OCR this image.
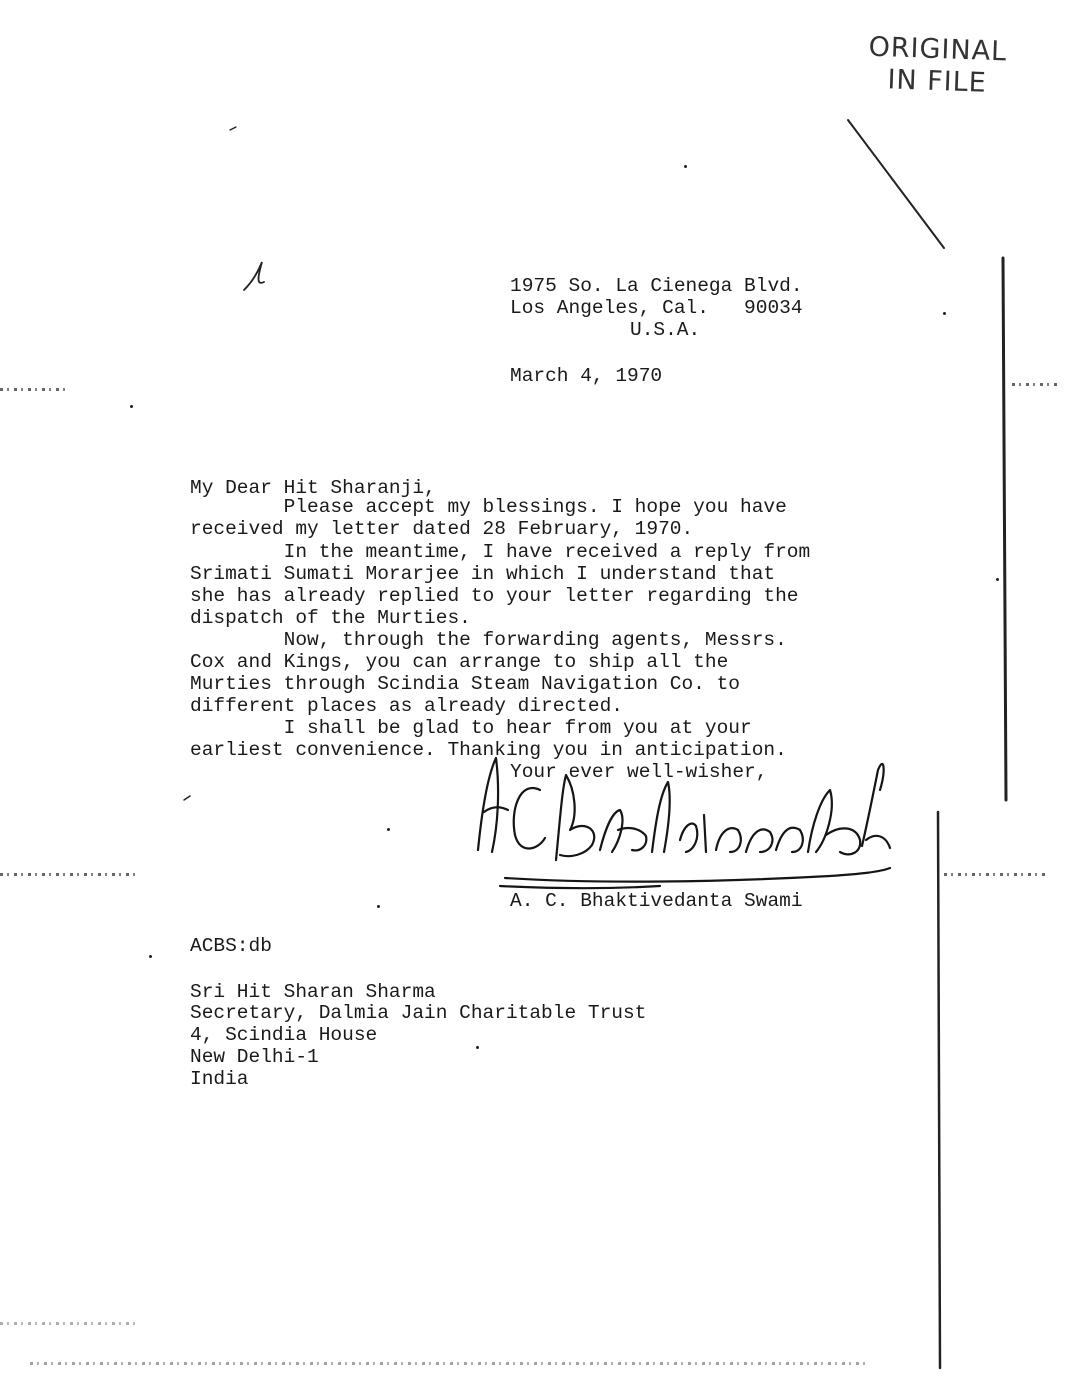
ORIGINAL
IN FILE
1975 So. La Cienega Blvd.
Los Angeles, Cal.   90034
U.S.A.
March 4, 1970
My Dear Hit Sharanji,
Please accept my blessings. I hope you have
received my letter dated 28 February, 1970.
In the meantime, I have received a reply from
Srimati Sumati Morarjee in which I understand that
she has already replied to your letter regarding the
dispatch of the Murties.
Now, through the forwarding agents, Messrs.
Cox and Kings, you can arrange to ship all the
Murties through Scindia Steam Navigation Co. to
different places as already directed.
I shall be glad to hear from you at your
earliest convenience. Thanking you in anticipation.
Your ever well-wisher,
A. C. Bhaktivedanta Swami
ACBS:db
Sri Hit Sharan Sharma
Secretary, Dalmia Jain Charitable Trust
4, Scindia House
New Delhi-1
India
